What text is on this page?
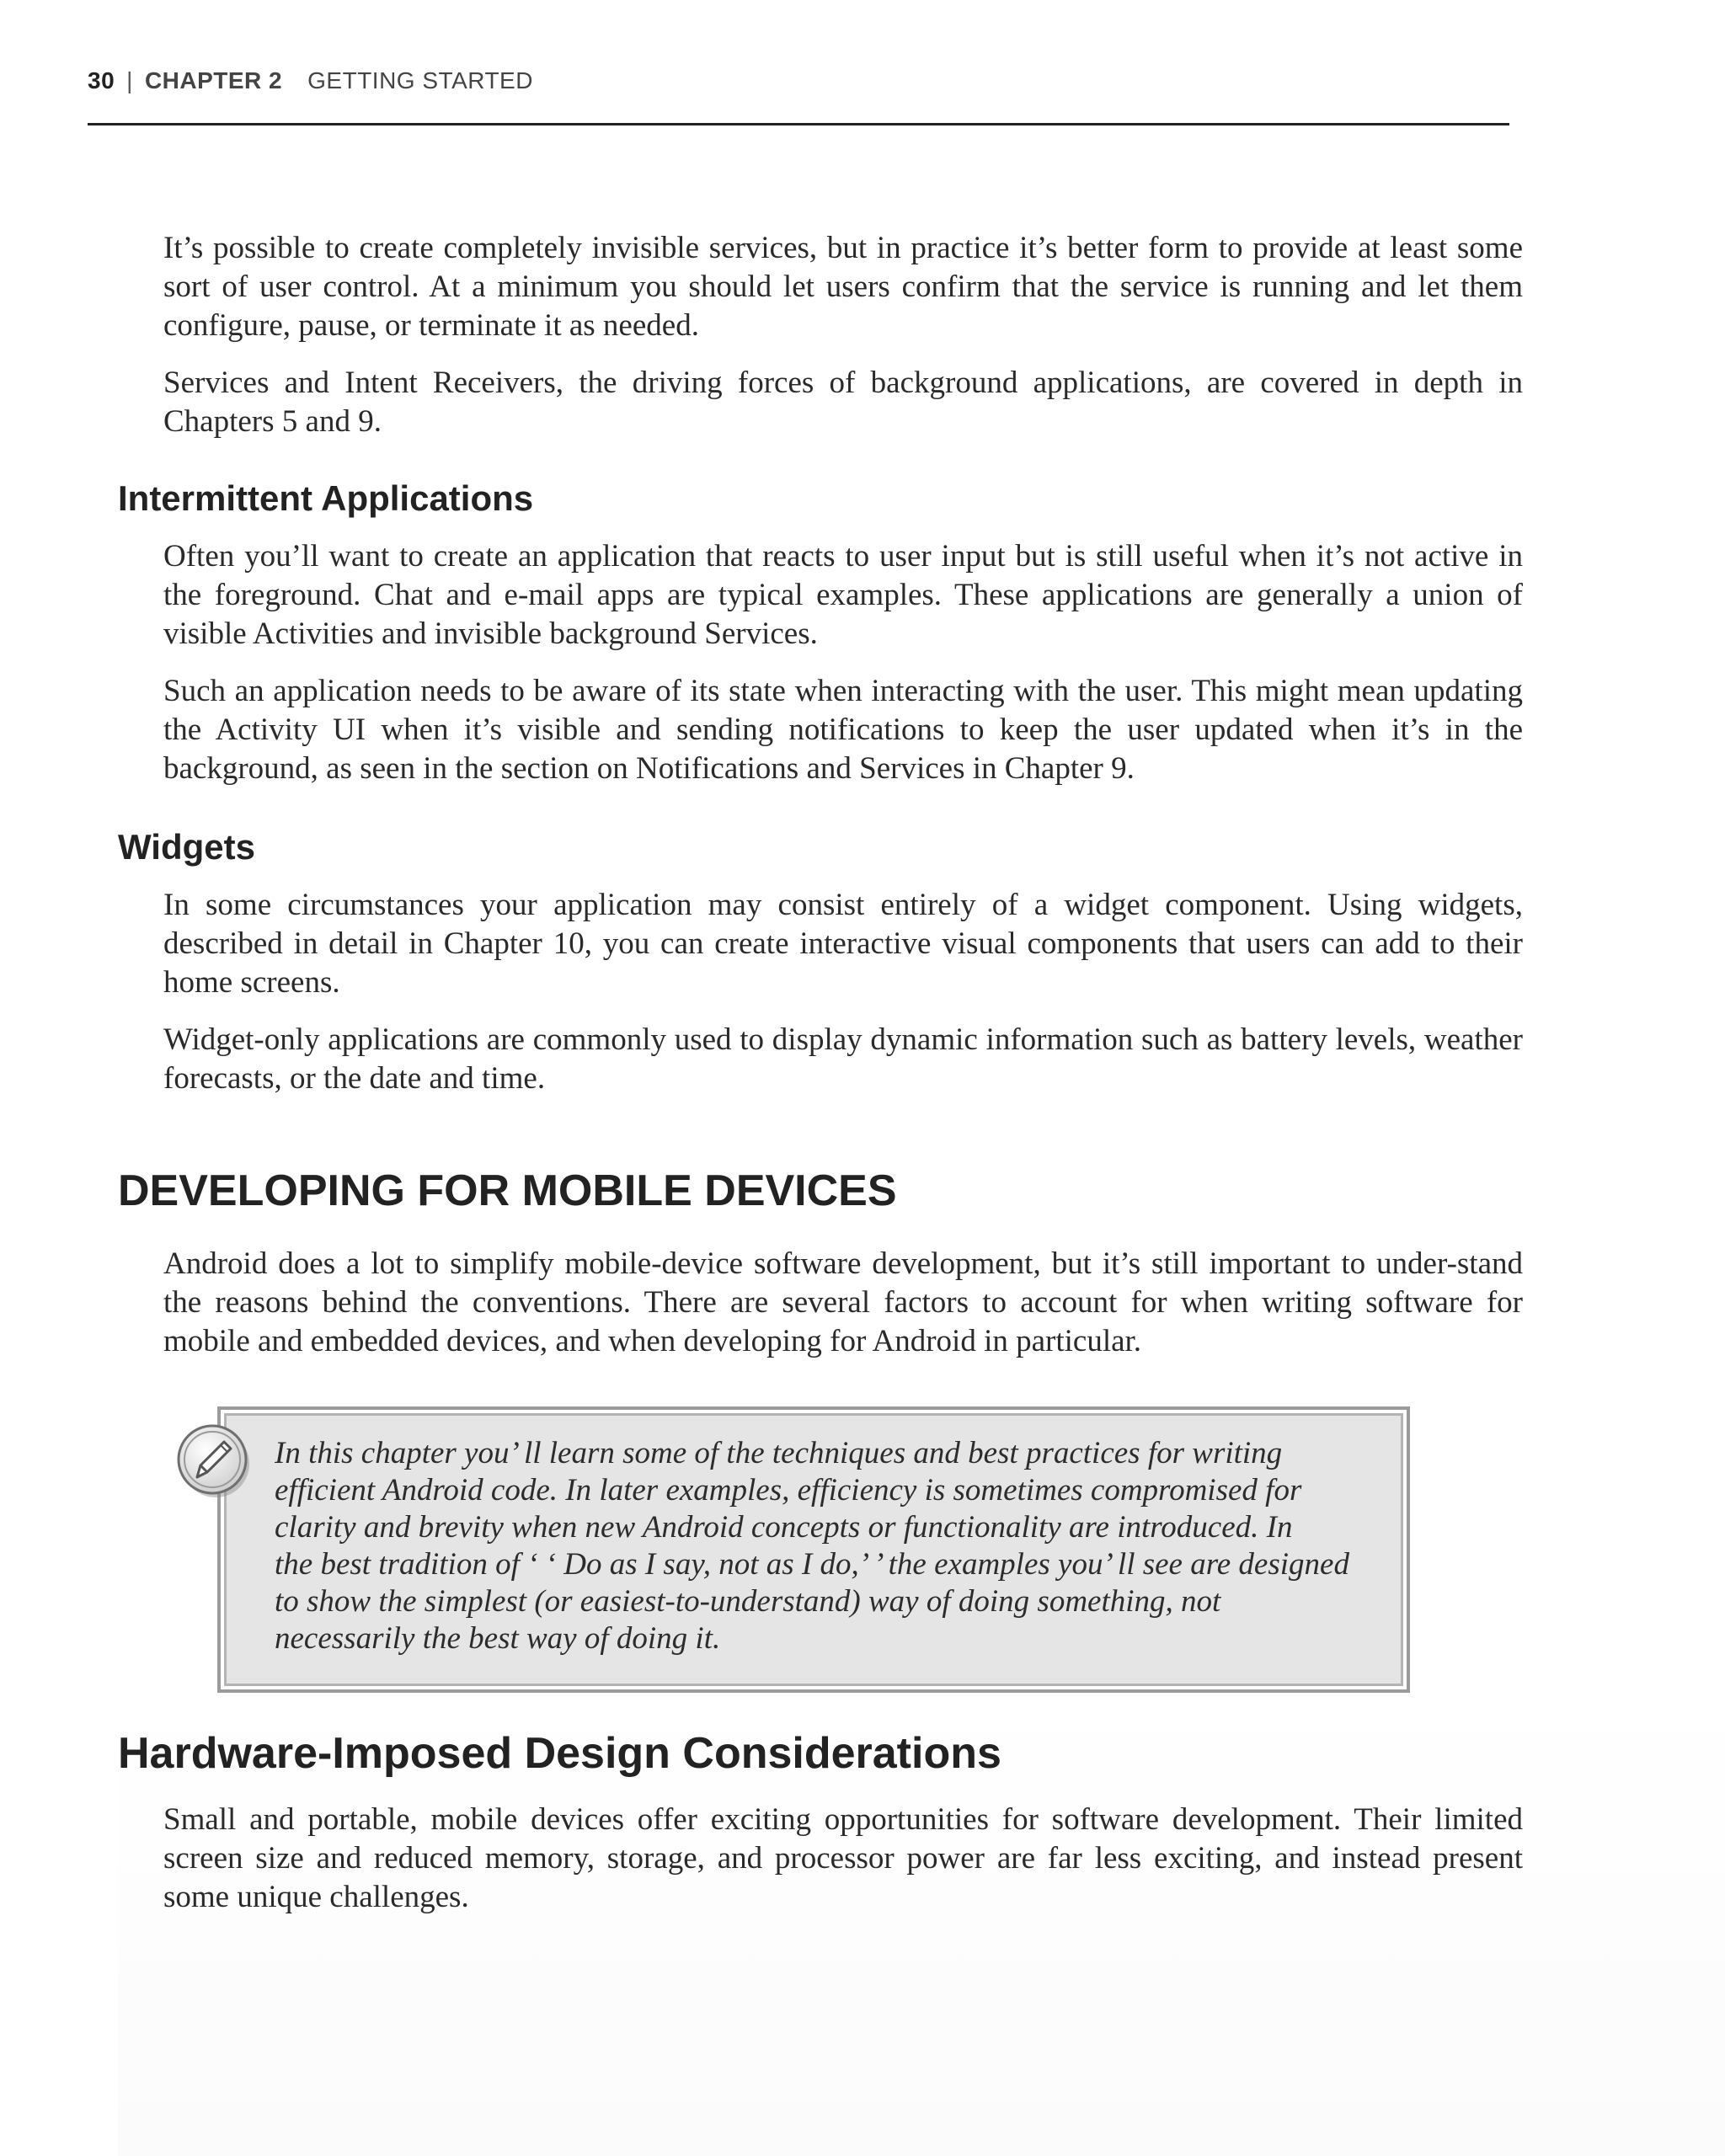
30 | CHAPTER 2 GETTING STARTED

It’s possible to create completely invisible services, but in practice it’s better form to provide at least some sort of user control. At a minimum you should let users confirm that the service is running and let them configure, pause, or terminate it as needed.

Services and Intent Receivers, the driving forces of background applications, are covered in depth in Chapters 5 and 9.

Intermittent Applications

Often you’ll want to create an application that reacts to user input but is still useful when it’s not active in the foreground. Chat and e-mail apps are typical examples. These applications are generally a union of visible Activities and invisible background Services.

Such an application needs to be aware of its state when interacting with the user. This might mean updating the Activity UI when it’s visible and sending notifications to keep the user updated when it’s in the background, as seen in the section on Notifications and Services in Chapter 9.

Widgets

In some circumstances your application may consist entirely of a widget component. Using widgets, described in detail in Chapter 10, you can create interactive visual components that users can add to their home screens.

Widget-only applications are commonly used to display dynamic information such as battery levels, weather forecasts, or the date and time.

DEVELOPING FOR MOBILE DEVICES

Android does a lot to simplify mobile-device software development, but it’s still important to under-stand the reasons behind the conventions. There are several factors to account for when writing software for mobile and embedded devices, and when developing for Android in particular.

In this chapter you’ ll learn some of the techniques and best practices for writing
efficient Android code. In later examples, efficiency is sometimes compromised for
clarity and brevity when new Android concepts or functionality are introduced. In
the best tradition of ‘ ‘ Do as I say, not as I do,’ ’ the examples you’ ll see are designed
to show the simplest (or easiest-to-understand) way of doing something, not
necessarily the best way of doing it.

Hardware-Imposed Design Considerations

Small and portable, mobile devices offer exciting opportunities for software development. Their limited screen size and reduced memory, storage, and processor power are far less exciting, and instead present some unique challenges.
